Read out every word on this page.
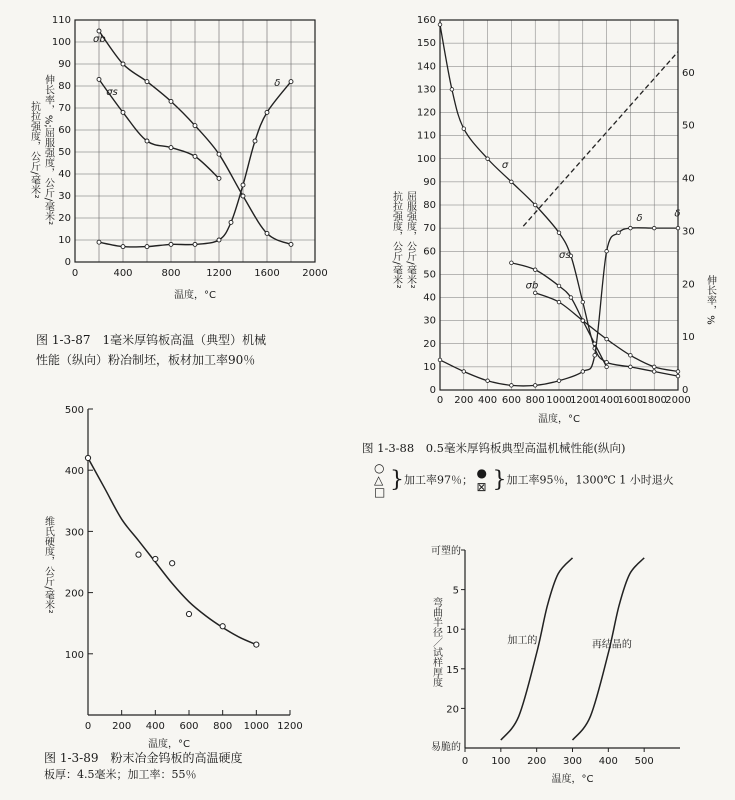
0
10
20
30
40
50
60
70
80
90
100
110
0	400	800	1200 1600 2000
温度，°C
抗拉强度，公斤/毫米² 伸长率，%;屈服强度，公斤/毫米²
σb
σs
δ
图 1-3-87　1毫米厚钨板高温（典型）机械
性能（纵向）粉冶制坯，板材加工率90％
0
10
20
30
40
50
60
70
80
90
100
110
120
130
140
150
160
0 200 400 600 800 1000
1200
1400
1600
1800
2000
0
10
20
30
40
50
60
温度，°C
抗拉强度，公斤/毫米² 屈服强度，公斤/毫米²
伸长率，%
σ
σs
σb
δ	δ
图 1-3-88　0.5毫米厚钨板典型高温机械性能(纵向)
○
△
□ }加工率97％； ●
⊠ }加工率95％，1300℃ 1 小时退火
100
200
300
400
500
0 200 400 600 800 1000 1200
温度，°C
维氏硬度，公斤/毫米²
图 1-3-89　粉末冶金钨板的高温硬度
板厚：4.5毫米；加工率：55％
5
10
15
20
0 100 200 300 400 500
可塑的
易脆的
温度，°C
弯曲半径／试样厚度	加工的	再结晶的
